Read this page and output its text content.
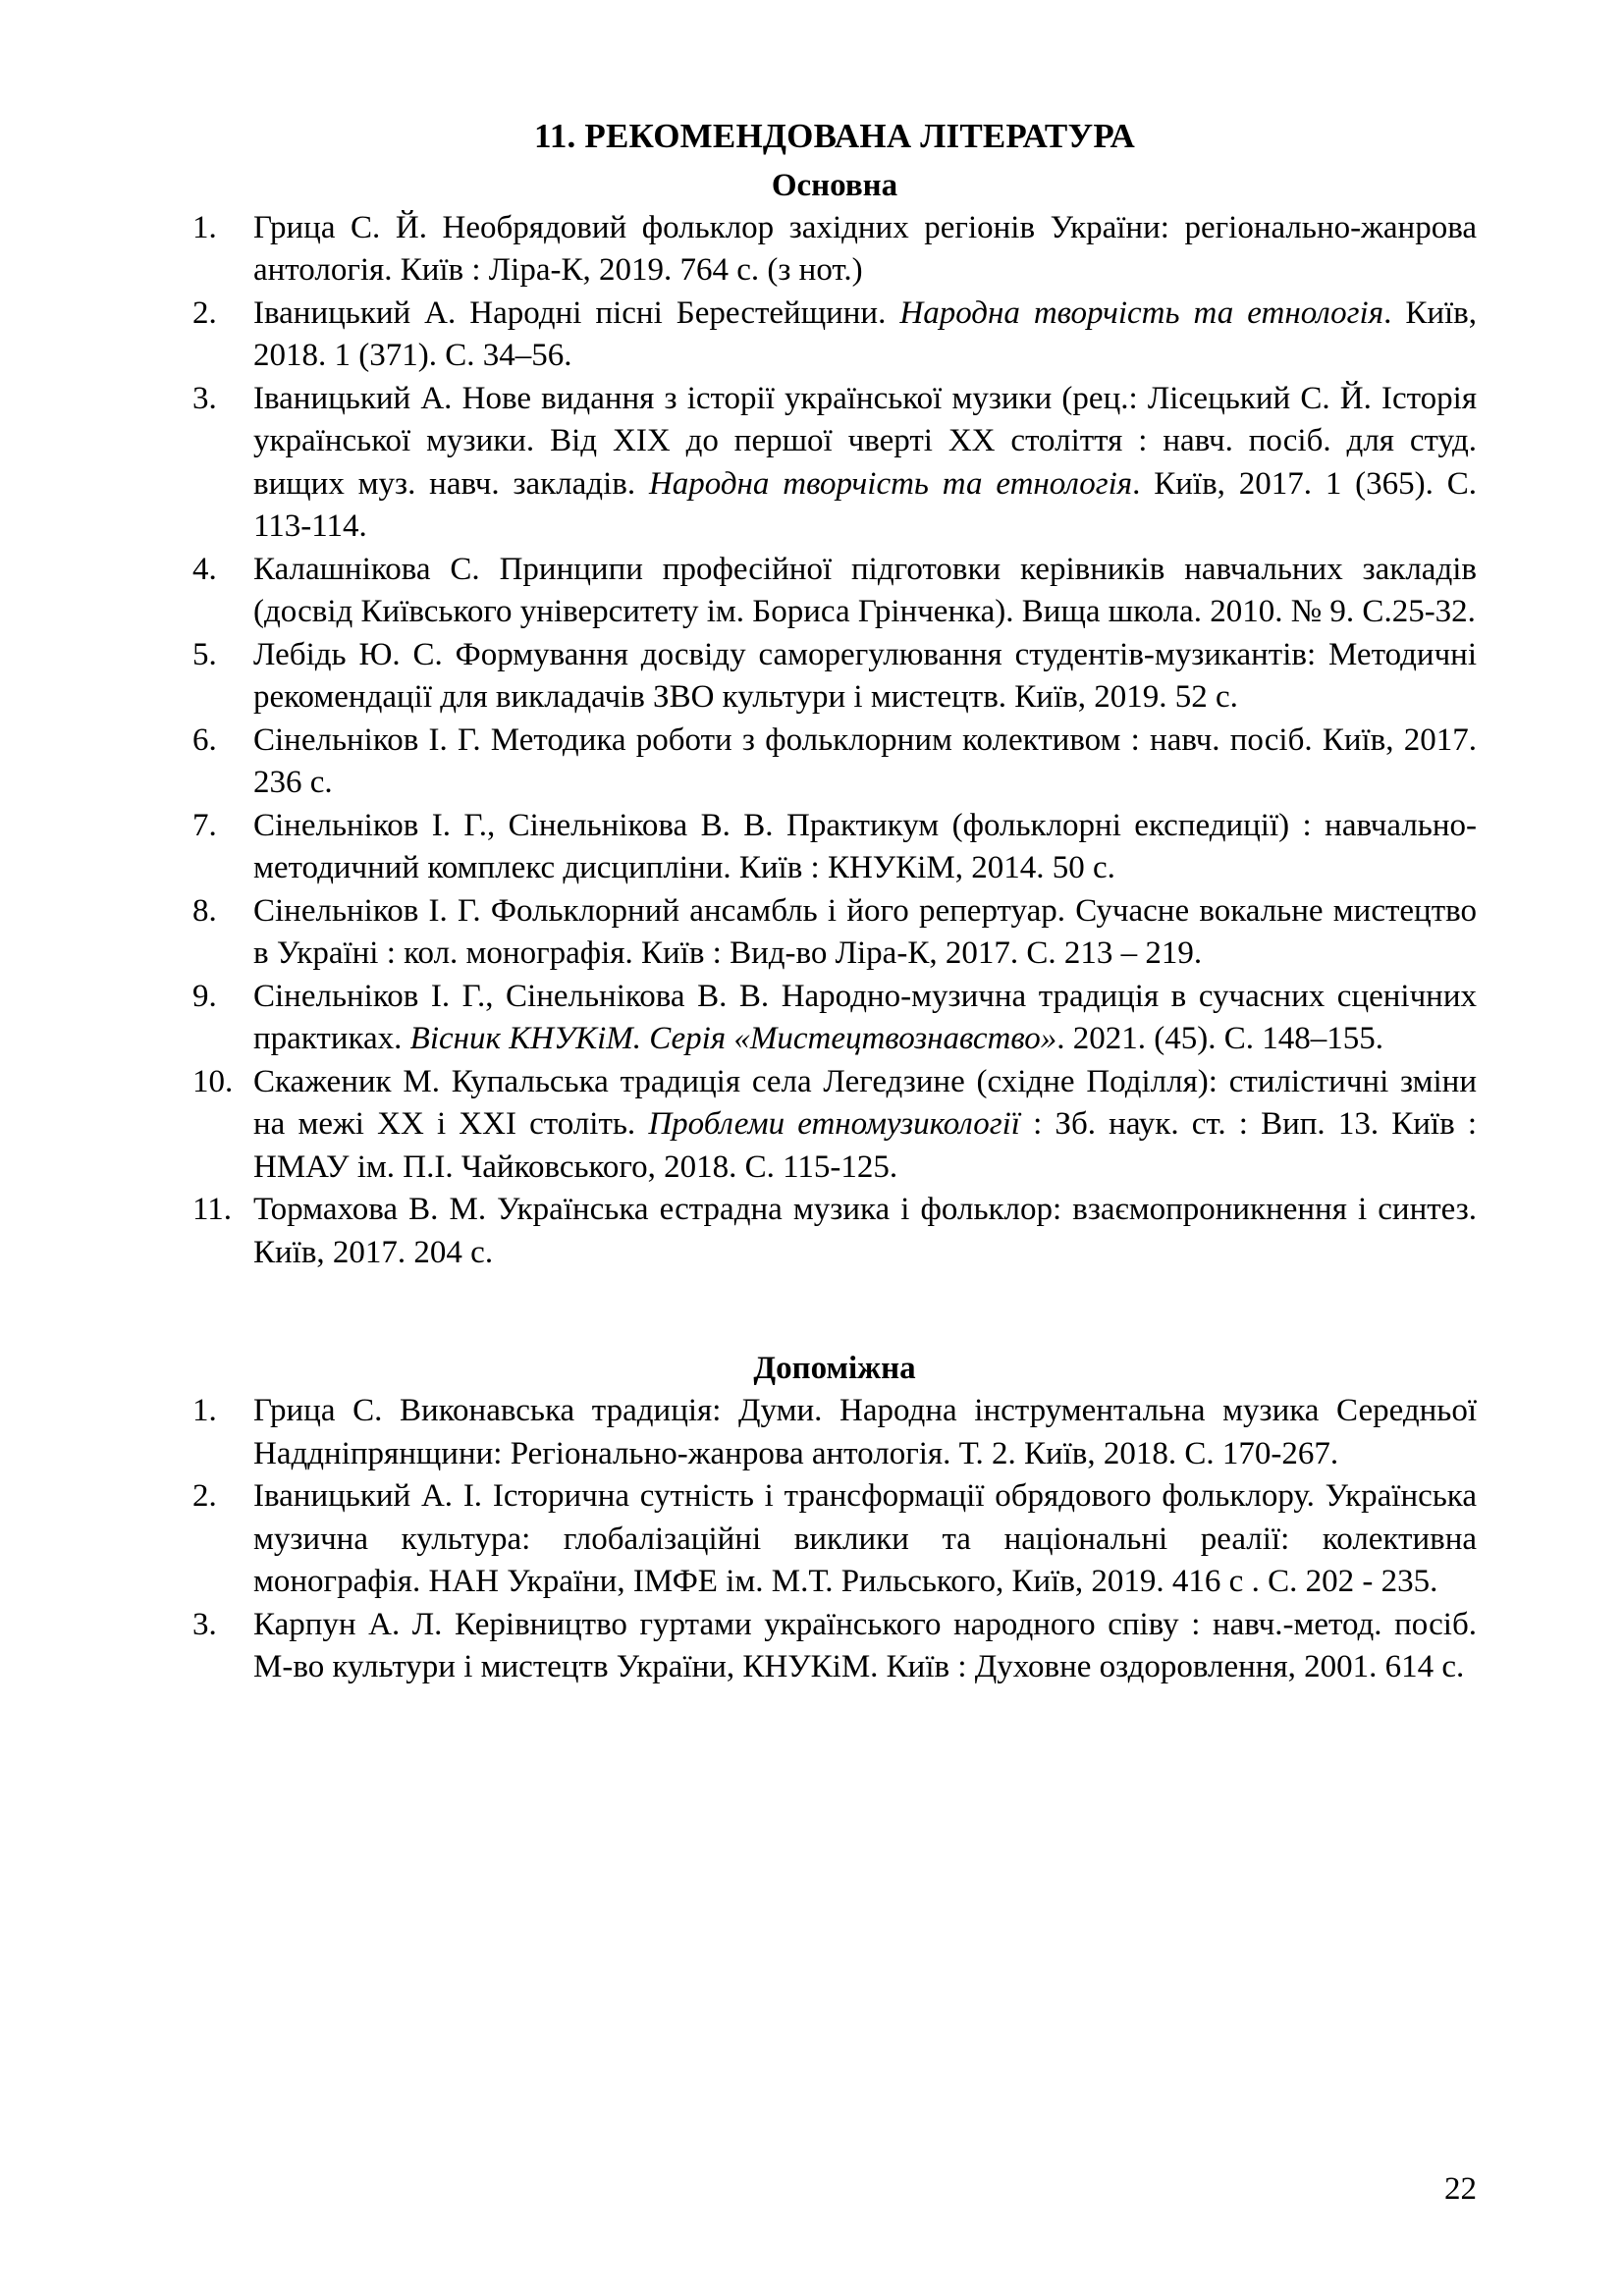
11. РЕКОМЕНДОВАНА ЛІТЕРАТУРА
Основна
Грица С. Й. Необрядовий фольклор західних регіонів України: регіонально-жанрова антологія. Київ : Ліра-К, 2019. 764 с. (з нот.)
Іваницький А. Народні пісні Берестейщини. Народна творчість та етнологія. Київ, 2018. 1 (371). С. 34–56.
Іваницький А. Нове видання з історії української музики (рец.: Лісецький С. Й. Історія української музики. Від XIX до першої чверті XX століття : навч. посіб. для студ. вищих муз. навч. закладів. Народна творчість та етнологія. Київ, 2017. 1 (365). С. 113-114.
Калашнікова С. Принципи професійної підготовки керівників навчальних закладів (досвід Київського університету ім. Бориса Грінченка). Вища школа. 2010. № 9. С.25-32.
Лебідь Ю. С. Формування досвіду саморегулювання студентів-музикантів: Методичні рекомендації для викладачів ЗВО культури і мистецтв. Київ, 2019. 52 с.
Сінельніков І. Г. Методика роботи з фольклорним колективом : навч. посіб. Київ, 2017. 236 с.
Сінельніков І. Г., Сінельнікова В. В. Практикум (фольклорні експедиції) : навчально-методичний комплекс дисципліни. Київ : КНУКіМ, 2014. 50 с.
Сінельніков І. Г. Фольклорний ансамбль і його репертуар. Сучасне вокальне мистецтво в Україні : кол. монографія. Київ : Вид-во Ліра-К, 2017. С. 213 – 219.
Сінельніков І. Г., Сінельнікова В. В. Народно-музична традиція в сучасних сценічних практиках. Вісник КНУКіМ. Серія «Мистецтвознавство». 2021. (45). С. 148–155.
Скаженик М. Купальська традиція села Легедзине (східне Поділля): стилістичні зміни на межі XX і XXI століть. Проблеми етномузикології : Зб. наук. ст. : Вип. 13. Київ : НМАУ ім. П.І. Чайковського, 2018. С. 115-125.
Тормахова В. М. Українська естрадна музика і фольклор: взаємопроникнення і синтез. Київ, 2017. 204 с.
Допоміжна
Грица С. Виконавська традиція: Думи. Народна інструментальна музика Середньої Наддніпрянщини: Регіонально-жанрова антологія. Т. 2. Київ, 2018. С. 170-267.
Іваницький А. І. Історична сутність і трансформації обрядового фольклору. Українська музична культура: глобалізаційні виклики та національні реалії: колективна монографія. НАН України, ІМФЕ ім. М.Т. Рильського, Київ, 2019. 416 с . С. 202 - 235.
Карпун А. Л. Керівництво гуртами українського народного співу : навч.-метод. посіб. М-во культури і мистецтв України, КНУКіМ. Київ : Духовне оздоровлення, 2001. 614 с.
22
